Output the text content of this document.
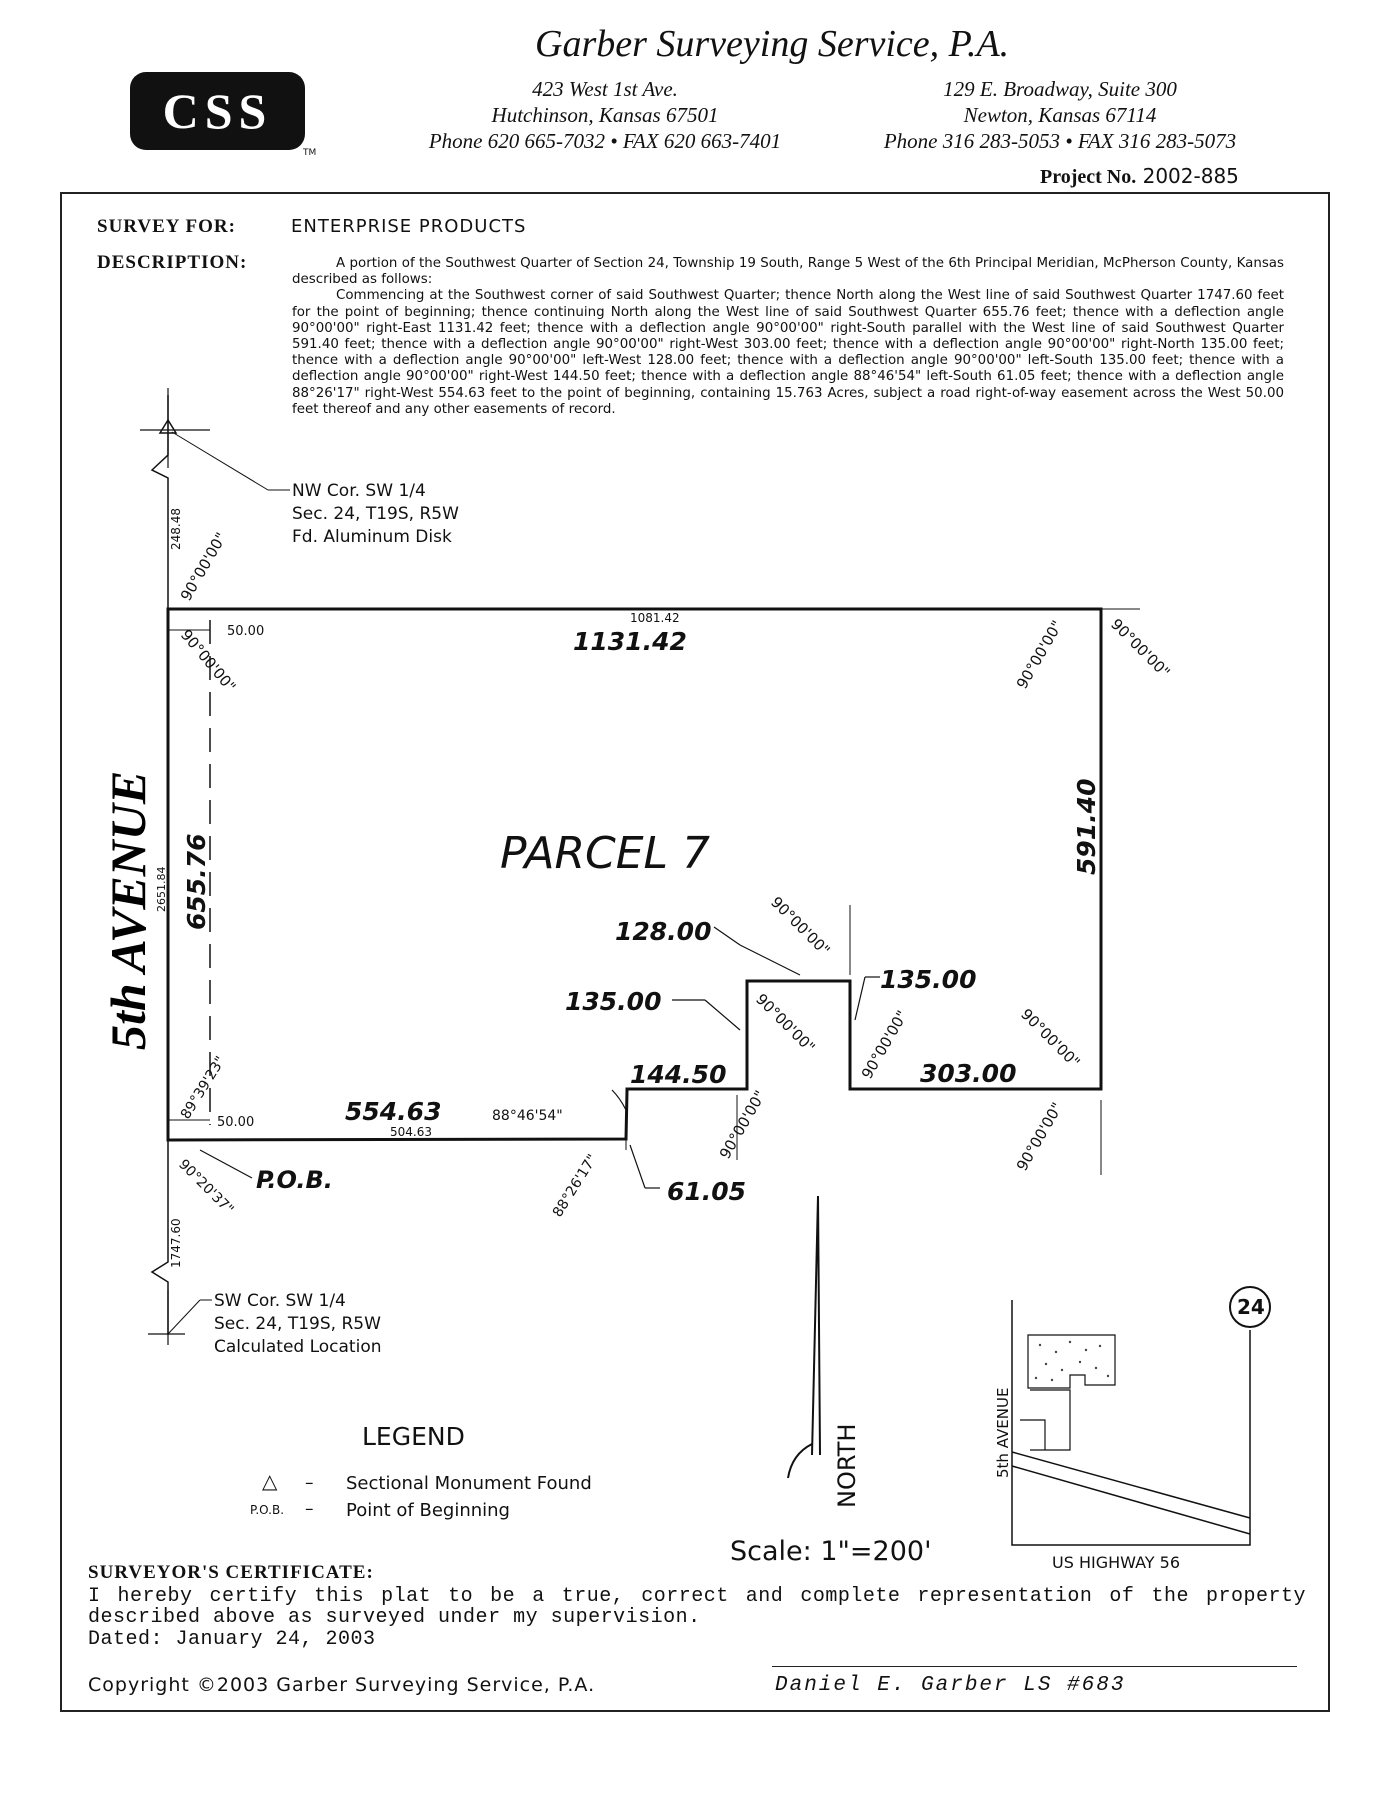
Garber Surveying Service, P.A.
CSS
TM
423 West 1st Ave.
Hutchinson, Kansas 67501
Phone 620 665-7032 • FAX 620 663-7401
129 E. Broadway, Suite 300
Newton, Kansas 67114
Phone 316 283-5053 • FAX 316 283-5073
Project No. 2002-885
SURVEY FOR:	ENTERPRISE PRODUCTS
DESCRIPTION:	A portion of the Southwest Quarter of Section 24, Township 19 South, Range 5 West of the 6th Principal Meridian, McPherson County, Kansas described as follows:

Commencing at the Southwest corner of said Southwest Quarter; thence North along the West line of said Southwest Quarter 1747.60 feet for the point of beginning; thence continuing North along the West line of said Southwest Quarter 655.76 feet; thence with a deflection angle 90°00'00" right-East 1131.42 feet; thence with a deflection angle 90°00'00" right-South parallel with the West line of said Southwest Quarter 591.40 feet; thence with a deflection angle 90°00'00" right-West 303.00 feet; thence with a deflection angle 90°00'00" right-North 135.00 feet; thence with a deflection angle 90°00'00" left-West 128.00 feet; thence with a deflection angle 90°00'00" left-South 135.00 feet; thence with a deflection angle 90°00'00" right-West 144.50 feet; thence with a deflection angle 88°46'54" left-South 61.05 feet; thence with a deflection angle 88°26'17" right-West 554.63 feet to the point of beginning, containing 15.763 Acres, subject a road right-of-way easement across the West 50.00 feet thereof and any other easements of record.

5th AVENUE	PARCEL 7
2651.84
1081.42
1131.42
655.76
591.40
303.00
135.00
135.00
128.00
144.50
554.63
504.63
61.05
248.48
1747.60
50.00
50.00
90°00'00"
90°00'00"	90°00'00"	90°00'00"
90°00'00"
90°00'00"	90°00'00"	90°00'00"
90°00'00"	90°00'00"
88°46'54"
88°26'17"
89°39'23"
90°20'37" P.O.B.
NORTH
Scale: 1"=200'
NW Cor. SW 1/4
Sec. 24, T19S, R5W
Fd. Aluminum Disk
SW Cor. SW 1/4
Sec. 24, T19S, R5W
Calculated Location
LEGEND
△ – Sectional Monument Found
P.O.B. – Point of Beginning
24
5th AVENUE
US HIGHWAY 56
SURVEYOR'S CERTIFICATE:
I hereby certify this plat to be a true, correct and complete representation of the property described above as surveyed under my supervision.
Dated: January 24, 2003
Copyright ©2003 Garber Surveying Service, P.A.	Daniel E. Garber LS #683
